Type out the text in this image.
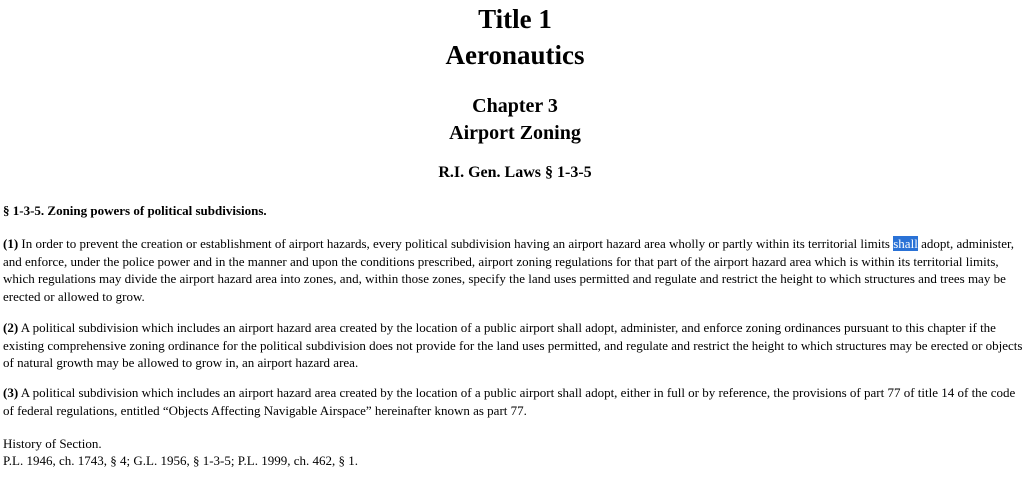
Title 1
Aeronautics
Chapter 3
Airport Zoning
R.I. Gen. Laws § 1-3-5
§ 1-3-5. Zoning powers of political subdivisions.

(1) In order to prevent the creation or establishment of airport hazards, every political subdivision having an airport hazard area wholly or partly within its territorial limits shall adopt, administer, and enforce, under the police power and in the manner and upon the conditions prescribed, airport zoning regulations for that part of the airport hazard area which is within its territorial limits, which regulations may divide the airport hazard area into zones, and, within those zones, specify the land uses permitted and regulate and restrict the height to which structures and trees may be erected or allowed to grow.

(2) A political subdivision which includes an airport hazard area created by the location of a public airport shall adopt, administer, and enforce zoning ordinances pursuant to this chapter if the existing comprehensive zoning ordinance for the political subdivision does not provide for the land uses permitted, and regulate and restrict the height to which structures may be erected or objects of natural growth may be allowed to grow in, an airport hazard area.

(3) A political subdivision which includes an airport hazard area created by the location of a public airport shall adopt, either in full or by reference, the provisions of part 77 of title 14 of the code of federal regulations, entitled “Objects Affecting Navigable Airspace” hereinafter known as part 77.

History of Section.
P.L. 1946, ch. 1743, § 4; G.L. 1956, § 1-3-5; P.L. 1999, ch. 462, § 1.
